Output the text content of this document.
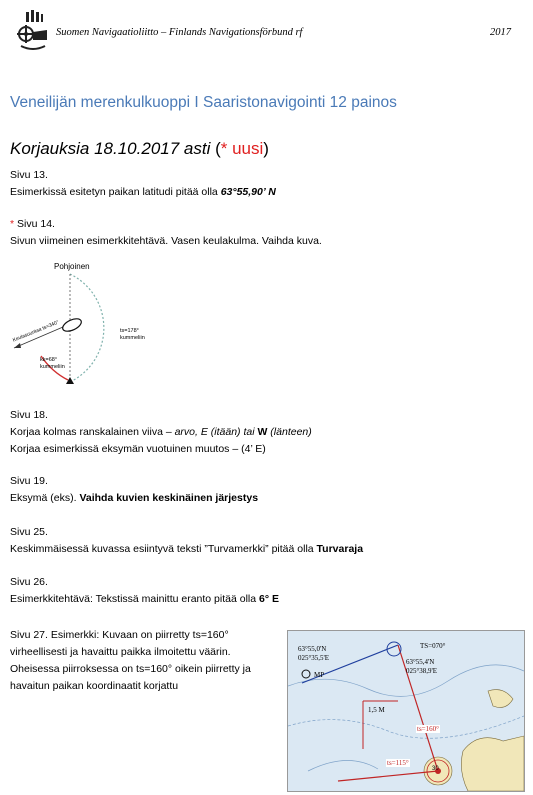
Suomen Navigaatioliitto – Finlands Navigationsförbund rf	2017
Veneilijän merenkulkuoppi I Saaristonavigointi 12 painos
Korjauksia 18.10.2017 asti (* uusi)
Sivu 13.
Esimerkissä esitetyn paikan latitudi pitää olla 63°55,90’ N
* Sivu 14.
Sivun viimeinen esimerkkitehtävä. Vasen keulakulma. Vaihda kuva.
Pohjoinen
Keulasuuntaa ts=340°	ts=178°
kummeliin
kk=68°
kummeliin
Sivu 18.
Korjaa kolmas ranskalainen viiva – arvo, E (itään) tai W (länteen)
Korjaa esimerkissä eksymän vuotuinen muutos – (4’ E)
Sivu 19.
Eksymä (eks). Vaihda kuvien keskinäinen järjestys
Sivu 25.
Keskimmäisessä kuvassa esiintyvä teksti ”Turvamerkki” pitää olla Turvaraja
Sivu 26.
Esimerkkitehtävä: Tekstissä mainittu eranto pitää olla 6° E
Sivu 27. Esimerkki: Kuvaan on piirretty ts=160°
virheellisesti ja havaittu paikka ilmoitettu väärin.
Oheisessa piirroksessa on ts=160° oikein piirretty ja
havaitun paikan koordinaatit korjattu
63°55,0'N
025°35,5'E
MP
TS=070°
63°55,4'N
025°38,9'E
1,5 M
ts=160°
ts=115°
30
